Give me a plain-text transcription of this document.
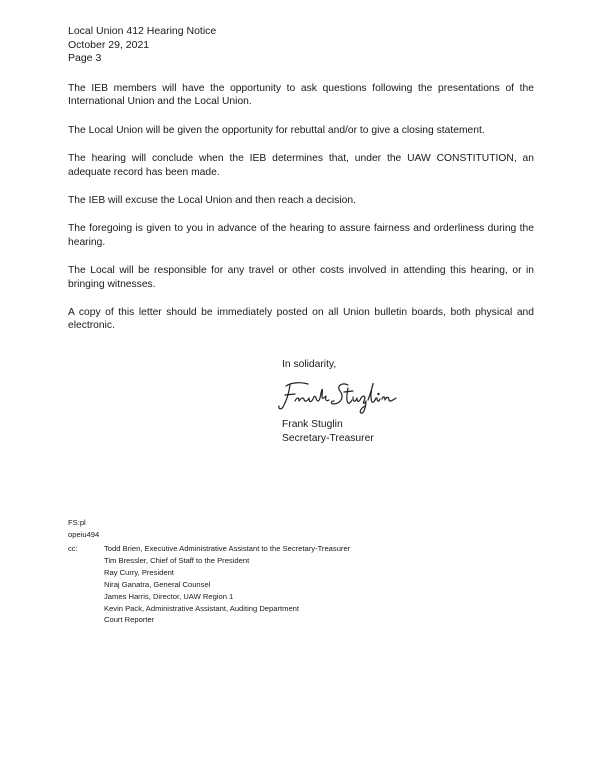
Local Union 412 Hearing Notice
October 29, 2021
Page 3

The IEB members will have the opportunity to ask questions following the presentations of the International Union and the Local Union.

The Local Union will be given the opportunity for rebuttal and/or to give a closing statement.

The hearing will conclude when the IEB determines that, under the UAW CONSTITUTION, an adequate record has been made.

The IEB will excuse the Local Union and then reach a decision.

The foregoing is given to you in advance of the hearing to assure fairness and orderliness during the hearing.

The Local will be responsible for any travel or other costs involved in attending this hearing, or in bringing witnesses.

A copy of this letter should be immediately posted on all Union bulletin boards, both physical and electronic.

In solidarity,
Frank Stuglin
Secretary-Treasurer
FS:pl
opeiu494
cc:	Todd Brien, Executive Administrative Assistant to the Secretary-Treasurer
Tim Bressler, Chief of Staff to the President
Ray Curry, President
Niraj Ganatra, General Counsel
James Harris, Director, UAW Region 1
Kevin Pack, Administrative Assistant, Auditing Department
Court Reporter
